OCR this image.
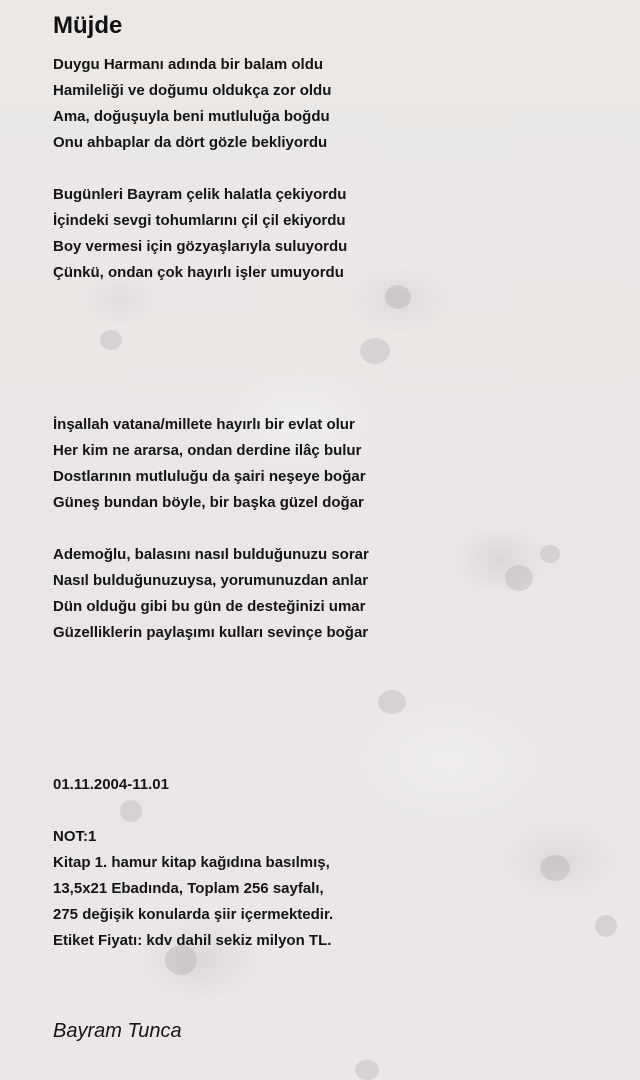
Müjde
Duygu Harmanı adında bir balam oldu
Hamileliği ve doğumu oldukça zor oldu
Ama, doğuşuyla beni mutluluğa boğdu
Onu ahbaplar da dört gözle bekliyordu
Bugünleri Bayram çelik halatla çekiyordu
İçindeki sevgi tohumlarını çil çil ekiyordu
Boy vermesi için gözyaşlarıyla suluyordu
Çünkü, ondan çok hayırlı işler umuyordu
İnşallah vatana/millete hayırlı bir evlat olur
Her kim ne ararsa, ondan derdine ilâç bulur
Dostlarının mutluluğu da şairi neşeye boğar
Güneş bundan böyle, bir başka güzel doğar
Ademoğlu, balasını nasıl bulduğunuzu sorar
Nasıl bulduğunuzuysa, yorumunuzdan anlar
Dün olduğu gibi bu gün de desteğinizi umar
Güzelliklerin paylaşımı kulları sevinçe boğar
01.11.2004-11.01
NOT:1
Kitap 1. hamur kitap kağıdına basılmış,
13,5x21 Ebadında, Toplam 256 sayfalı,
275 değişik konularda şiir içermektedir.
Etiket Fiyatı: kdv dahil sekiz milyon TL.
Bayram Tunca
